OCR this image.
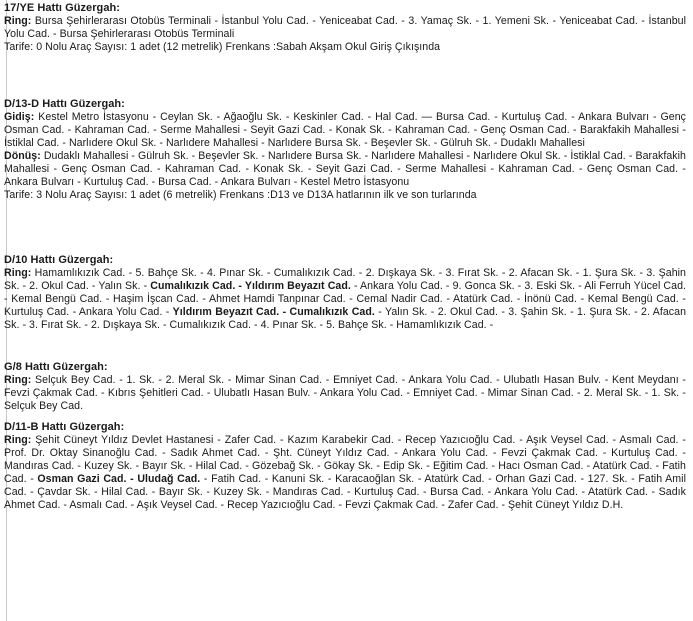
17/YE Hattı Güzergah:

Ring: Bursa Şehirlerarası Otobüs Terminali - İstanbul Yolu Cad. - Yeniceabat Cad. - 3. Yamaç Sk. - 1. Yemeni Sk. - Yeniceabat Cad. - İstanbul Yolu Cad. - Bursa Şehirlerarası Otobüs Terminali

Tarife: 0 Nolu Araç Sayısı: 1 adet (12 metrelik) Frenkans :Sabah Akşam Okul Giriş Çıkışında

D/13-D Hattı Güzergah:

Gidiş: Kestel Metro İstasyonu - Ceylan Sk. - Ağaoğlu Sk. - Keskinler Cad. - Hal Cad. — Bursa Cad. - Kurtuluş Cad. - Ankara Bulvarı - Genç Osman Cad. - Kahraman Cad. - Serme Mahallesi - Seyit Gazi Cad. - Konak Sk. - Kahraman Cad. - Genç Osman Cad. - Barakfakih Mahallesi - İstiklal Cad. - Narlıdere Okul Sk. - Narlıdere Mahallesi - Narlıdere Bursa Sk. - Beşevler Sk. - Gülruh Sk. - Dudaklı Mahallesi

Dönüş: Dudaklı Mahallesi - Gülruh Sk. - Beşevler Sk. - Narlıdere Bursa Sk. - Narlıdere Mahallesi - Narlıdere Okul Sk. - İstiklal Cad. - Barakfakih Mahallesi - Genç Osman Cad. - Kahraman Cad. - Konak Sk. - Seyit Gazi Cad. - Serme Mahallesi - Kahraman Cad. - Genç Osman Cad. - Ankara Bulvarı - Kurtuluş Cad. - Bursa Cad. - Ankara Bulvarı - Kestel Metro İstasyonu

Tarife: 3 Nolu Araç Sayısı: 1 adet (6 metrelik) Frenkans :D13 ve D13A hatlarının ilk ve son turlarında

D/10 Hattı Güzergah:

Ring: Hamamlıkızık Cad. - 5. Bahçe Sk. - 4. Pınar Sk. - Cumalıkızık Cad. - 2. Dışkaya Sk. - 3. Fırat Sk. - 2. Afacan Sk. - 1. Şura Sk. - 3. Şahin Sk. - 2. Okul Cad. - Yalın Sk. - Cumalıkızık Cad. - Yıldırım Beyazıt Cad. - Ankara Yolu Cad. - 9. Gonca Sk. - 3. Eski Sk. - Ali Ferruh Yücel Cad. - Kemal Bengü Cad. - Haşim İşcan Cad. - Ahmet Hamdi Tanpınar Cad. - Cemal Nadir Cad. - Atatürk Cad. - İnönü Cad. - Kemal Bengü Cad. - Kurtuluş Cad. - Ankara Yolu Cad. - Yıldırım Beyazıt Cad. - Cumalıkızık Cad. - Yalın Sk. - 2. Okul Cad. - 3. Şahin Sk. - 1. Şura Sk. - 2. Afacan Sk. - 3. Fırat Sk. - 2. Dışkaya Sk. - Cumalıkızık Cad. - 4. Pınar Sk. - 5. Bahçe Sk. - Hamamlıkızık Cad. -

G/8 Hattı Güzergah:

Ring: Selçuk Bey Cad. - 1. Sk. - 2. Meral Sk. - Mimar Sinan Cad. - Emniyet Cad. - Ankara Yolu Cad. - Ulubatlı Hasan Bulv. - Kent Meydanı - Fevzi Çakmak Cad. - Kıbrıs Şehitleri Cad. - Ulubatlı Hasan Bulv. - Ankara Yolu Cad. - Emniyet Cad. - Mimar Sinan Cad. - 2. Meral Sk. - 1. Sk. - Selçuk Bey Cad.

D/11-B Hattı Güzergah:

Ring: Şehit Cüneyt Yıldız Devlet Hastanesi - Zafer Cad. - Kazım Karabekir Cad. - Recep Yazıcıoğlu Cad. - Aşık Veysel Cad. - Asmalı Cad. - Prof. Dr. Oktay Sinanoğlu Cad. - Sadık Ahmet Cad. - Şht. Cüneyt Yıldız Cad. - Ankara Yolu Cad. - Fevzi Çakmak Cad. - Kurtuluş Cad. - Mandıras Cad. - Kuzey Sk. - Bayır Sk. - Hilal Cad. - Gözebağ Sk. - Gökay Sk. - Edip Sk. - Eğitim Cad. - Hacı Osman Cad. - Atatürk Cad. - Fatih Cad. - Osman Gazi Cad. - Uludağ Cad. - Fatih Cad. - Kanuni Sk. - Karacaoğlan Sk. - Atatürk Cad. - Orhan Gazi Cad. - 127. Sk. - Fatih Amil Cad. - Çavdar Sk. - Hilal Cad. - Bayır Sk. - Kuzey Sk. - Mandıras Cad. - Kurtuluş Cad. - Bursa Cad. - Ankara Yolu Cad. - Atatürk Cad. - Sadık Ahmet Cad. - Asmalı Cad. - Aşık Veysel Cad. - Recep Yazıcıoğlu Cad. - Fevzi Çakmak Cad. - Zafer Cad. - Şehit Cüneyt Yıldız D.H.
